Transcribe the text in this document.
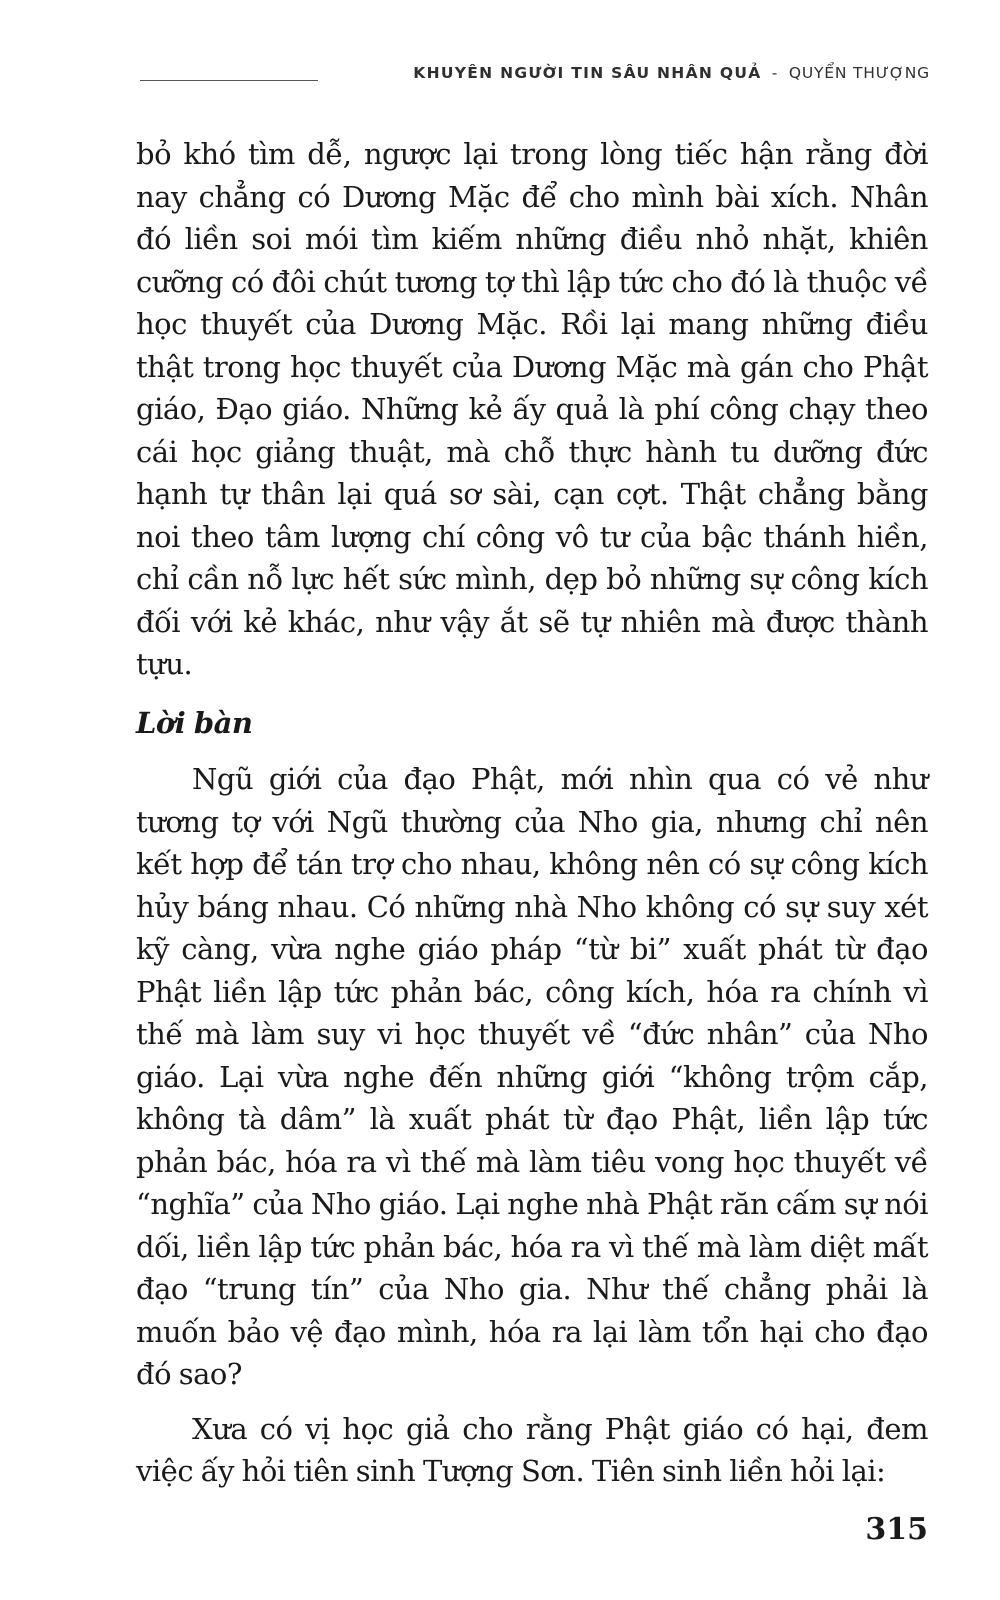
KHUYÊN NGƯỜI TIN SÂU NHÂN QUẢ - QUYỂN THƯỢNG

bỏ khó tìm dễ, ngược lại trong lòng tiếc hận rằng đời nay chẳng có Dương Mặc để cho mình bài xích. Nhân đó liền soi mói tìm kiếm những điều nhỏ nhặt, khiên cưỡng có đôi chút tương tợ thì lập tức cho đó là thuộc về học thuyết của Dương Mặc. Rồi lại mang những điều thật trong học thuyết của Dương Mặc mà gán cho Phật giáo, Đạo giáo. Những kẻ ấy quả là phí công chạy theo cái học giảng thuật, mà chỗ thực hành tu dưỡng đức hạnh tự thân lại quá sơ sài, cạn cợt. Thật chẳng bằng noi theo tâm lượng chí công vô tư của bậc thánh hiền, chỉ cần nỗ lực hết sức mình, dẹp bỏ những sự công kích đối với kẻ khác, như vậy ắt sẽ tự nhiên mà được thành tựu.

Lời bàn

Ngũ giới của đạo Phật, mới nhìn qua có vẻ như tương tợ với Ngũ thường của Nho gia, nhưng chỉ nên kết hợp để tán trợ cho nhau, không nên có sự công kích hủy báng nhau. Có những nhà Nho không có sự suy xét kỹ càng, vừa nghe giáo pháp “từ bi” xuất phát từ đạo Phật liền lập tức phản bác, công kích, hóa ra chính vì thế mà làm suy vi học thuyết về “đức nhân” của Nho giáo. Lại vừa nghe đến những giới “không trộm cắp, không tà dâm” là xuất phát từ đạo Phật, liền lập tức phản bác, hóa ra vì thế mà làm tiêu vong học thuyết về “nghĩa” của Nho giáo. Lại nghe nhà Phật răn cấm sự nói dối, liền lập tức phản bác, hóa ra vì thế mà làm diệt mất đạo “trung tín” của Nho gia. Như thế chẳng phải là muốn bảo vệ đạo mình, hóa ra lại làm tổn hại cho đạo đó sao?

Xưa có vị học giả cho rằng Phật giáo có hại, đem việc ấy hỏi tiên sinh Tượng Sơn. Tiên sinh liền hỏi lại:

315
